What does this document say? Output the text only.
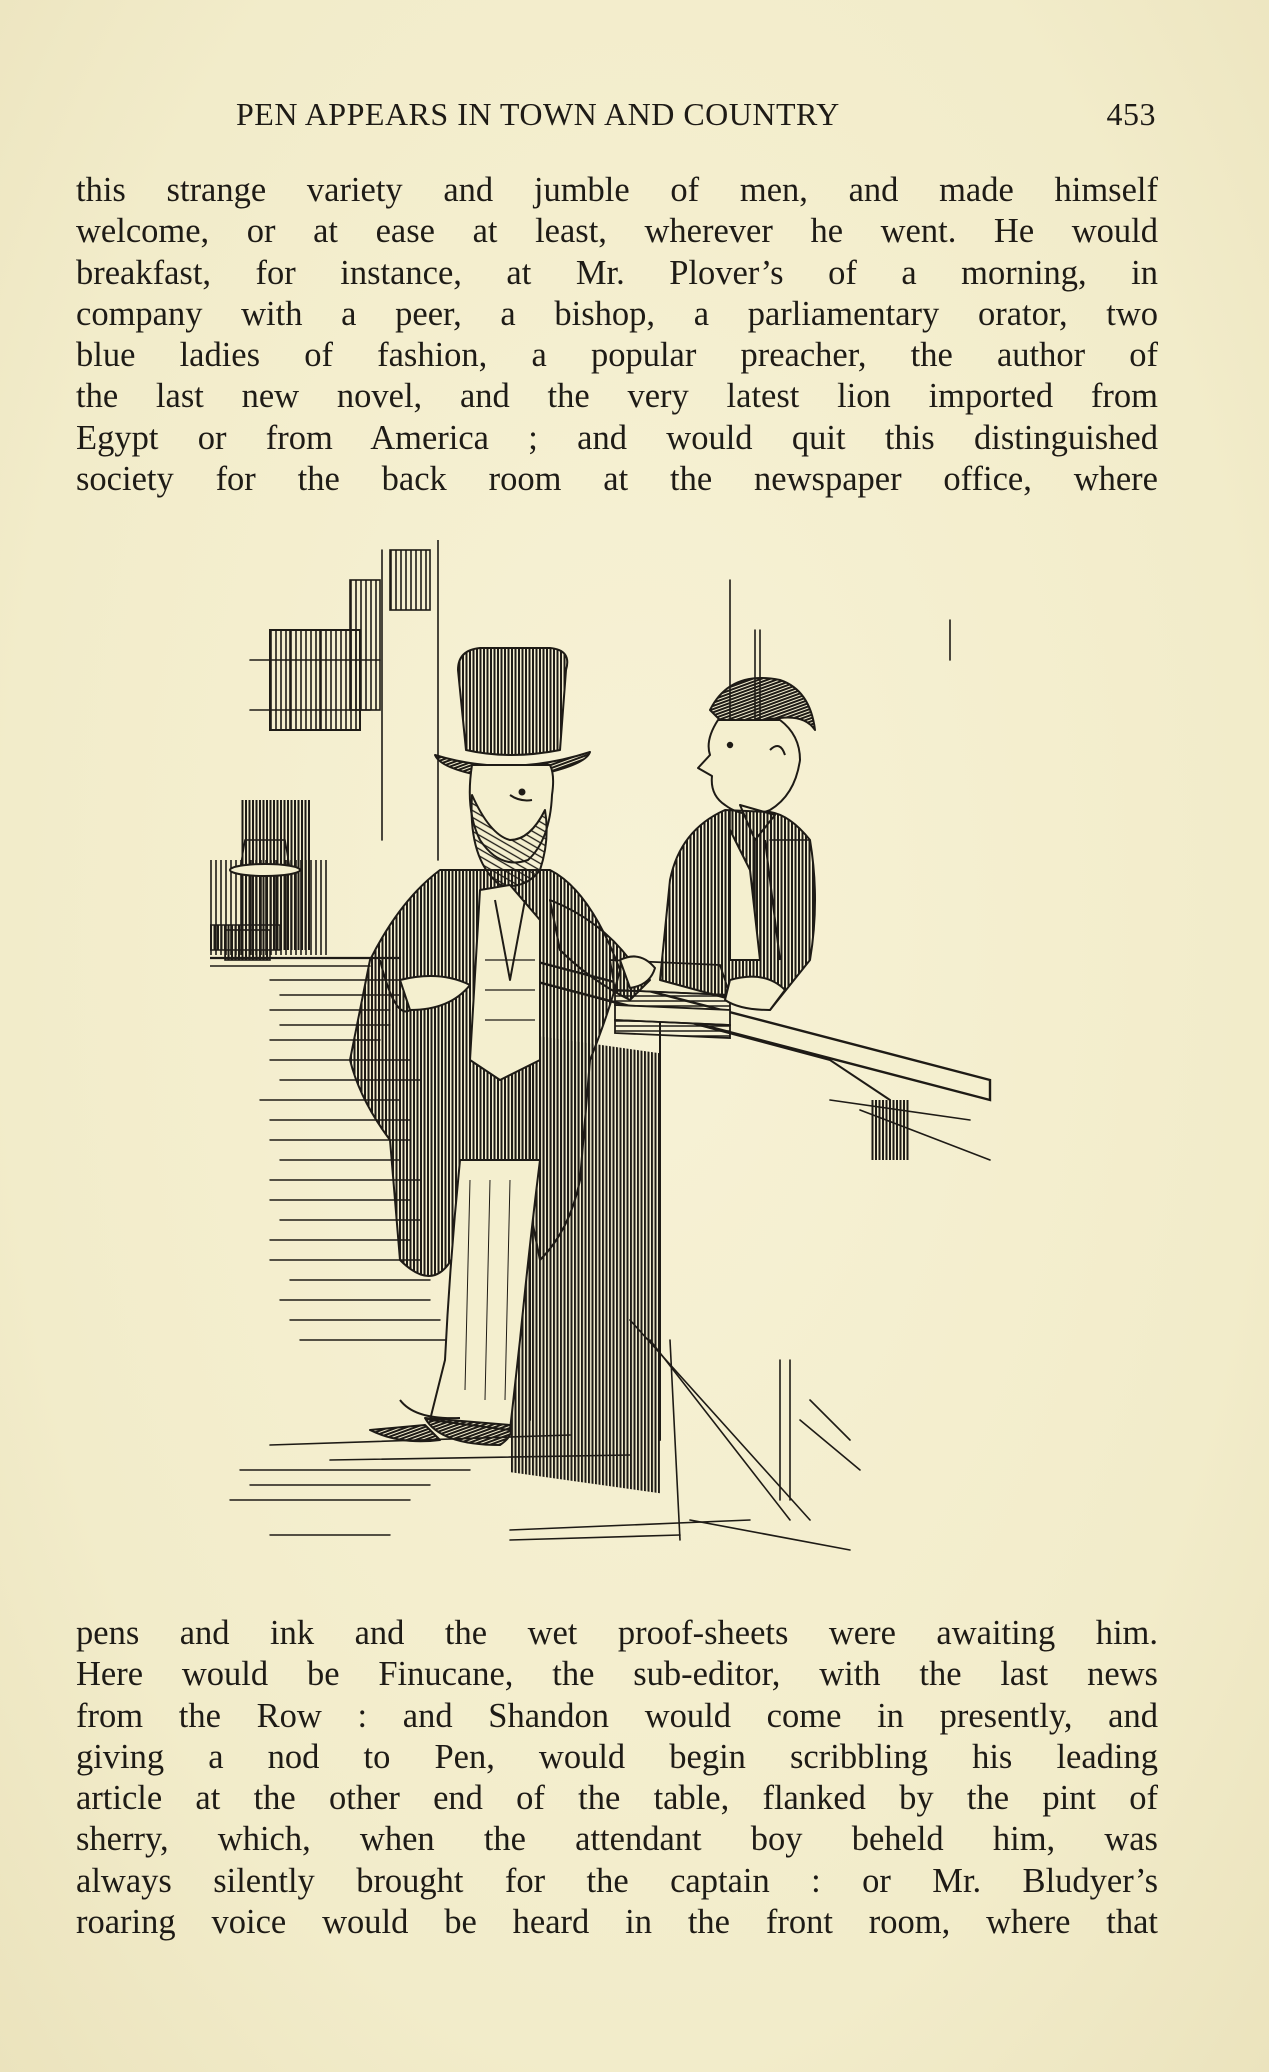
PEN APPEARS IN TOWN AND COUNTRY	453
this strange variety and jumble of men, and made himself
welcome, or at ease at least, wherever he went. He would
breakfast, for instance, at Mr. Plover’s of a morning, in
company with a peer, a bishop, a parliamentary orator, two
blue ladies of fashion, a popular preacher, the author of
the last new novel, and the very latest lion imported from
Egypt or from America ; and would quit this distinguished
society for the back room at the newspaper office, where
pens and ink and the wet proof-sheets were awaiting him.
Here would be Finucane, the sub-editor, with the last news
from the Row : and Shandon would come in presently, and
giving a nod to Pen, would begin scribbling his leading
article at the other end of the table, flanked by the pint of
sherry, which, when the attendant boy beheld him, was
always silently brought for the captain : or Mr. Bludyer’s
roaring voice would be heard in the front room, where that
